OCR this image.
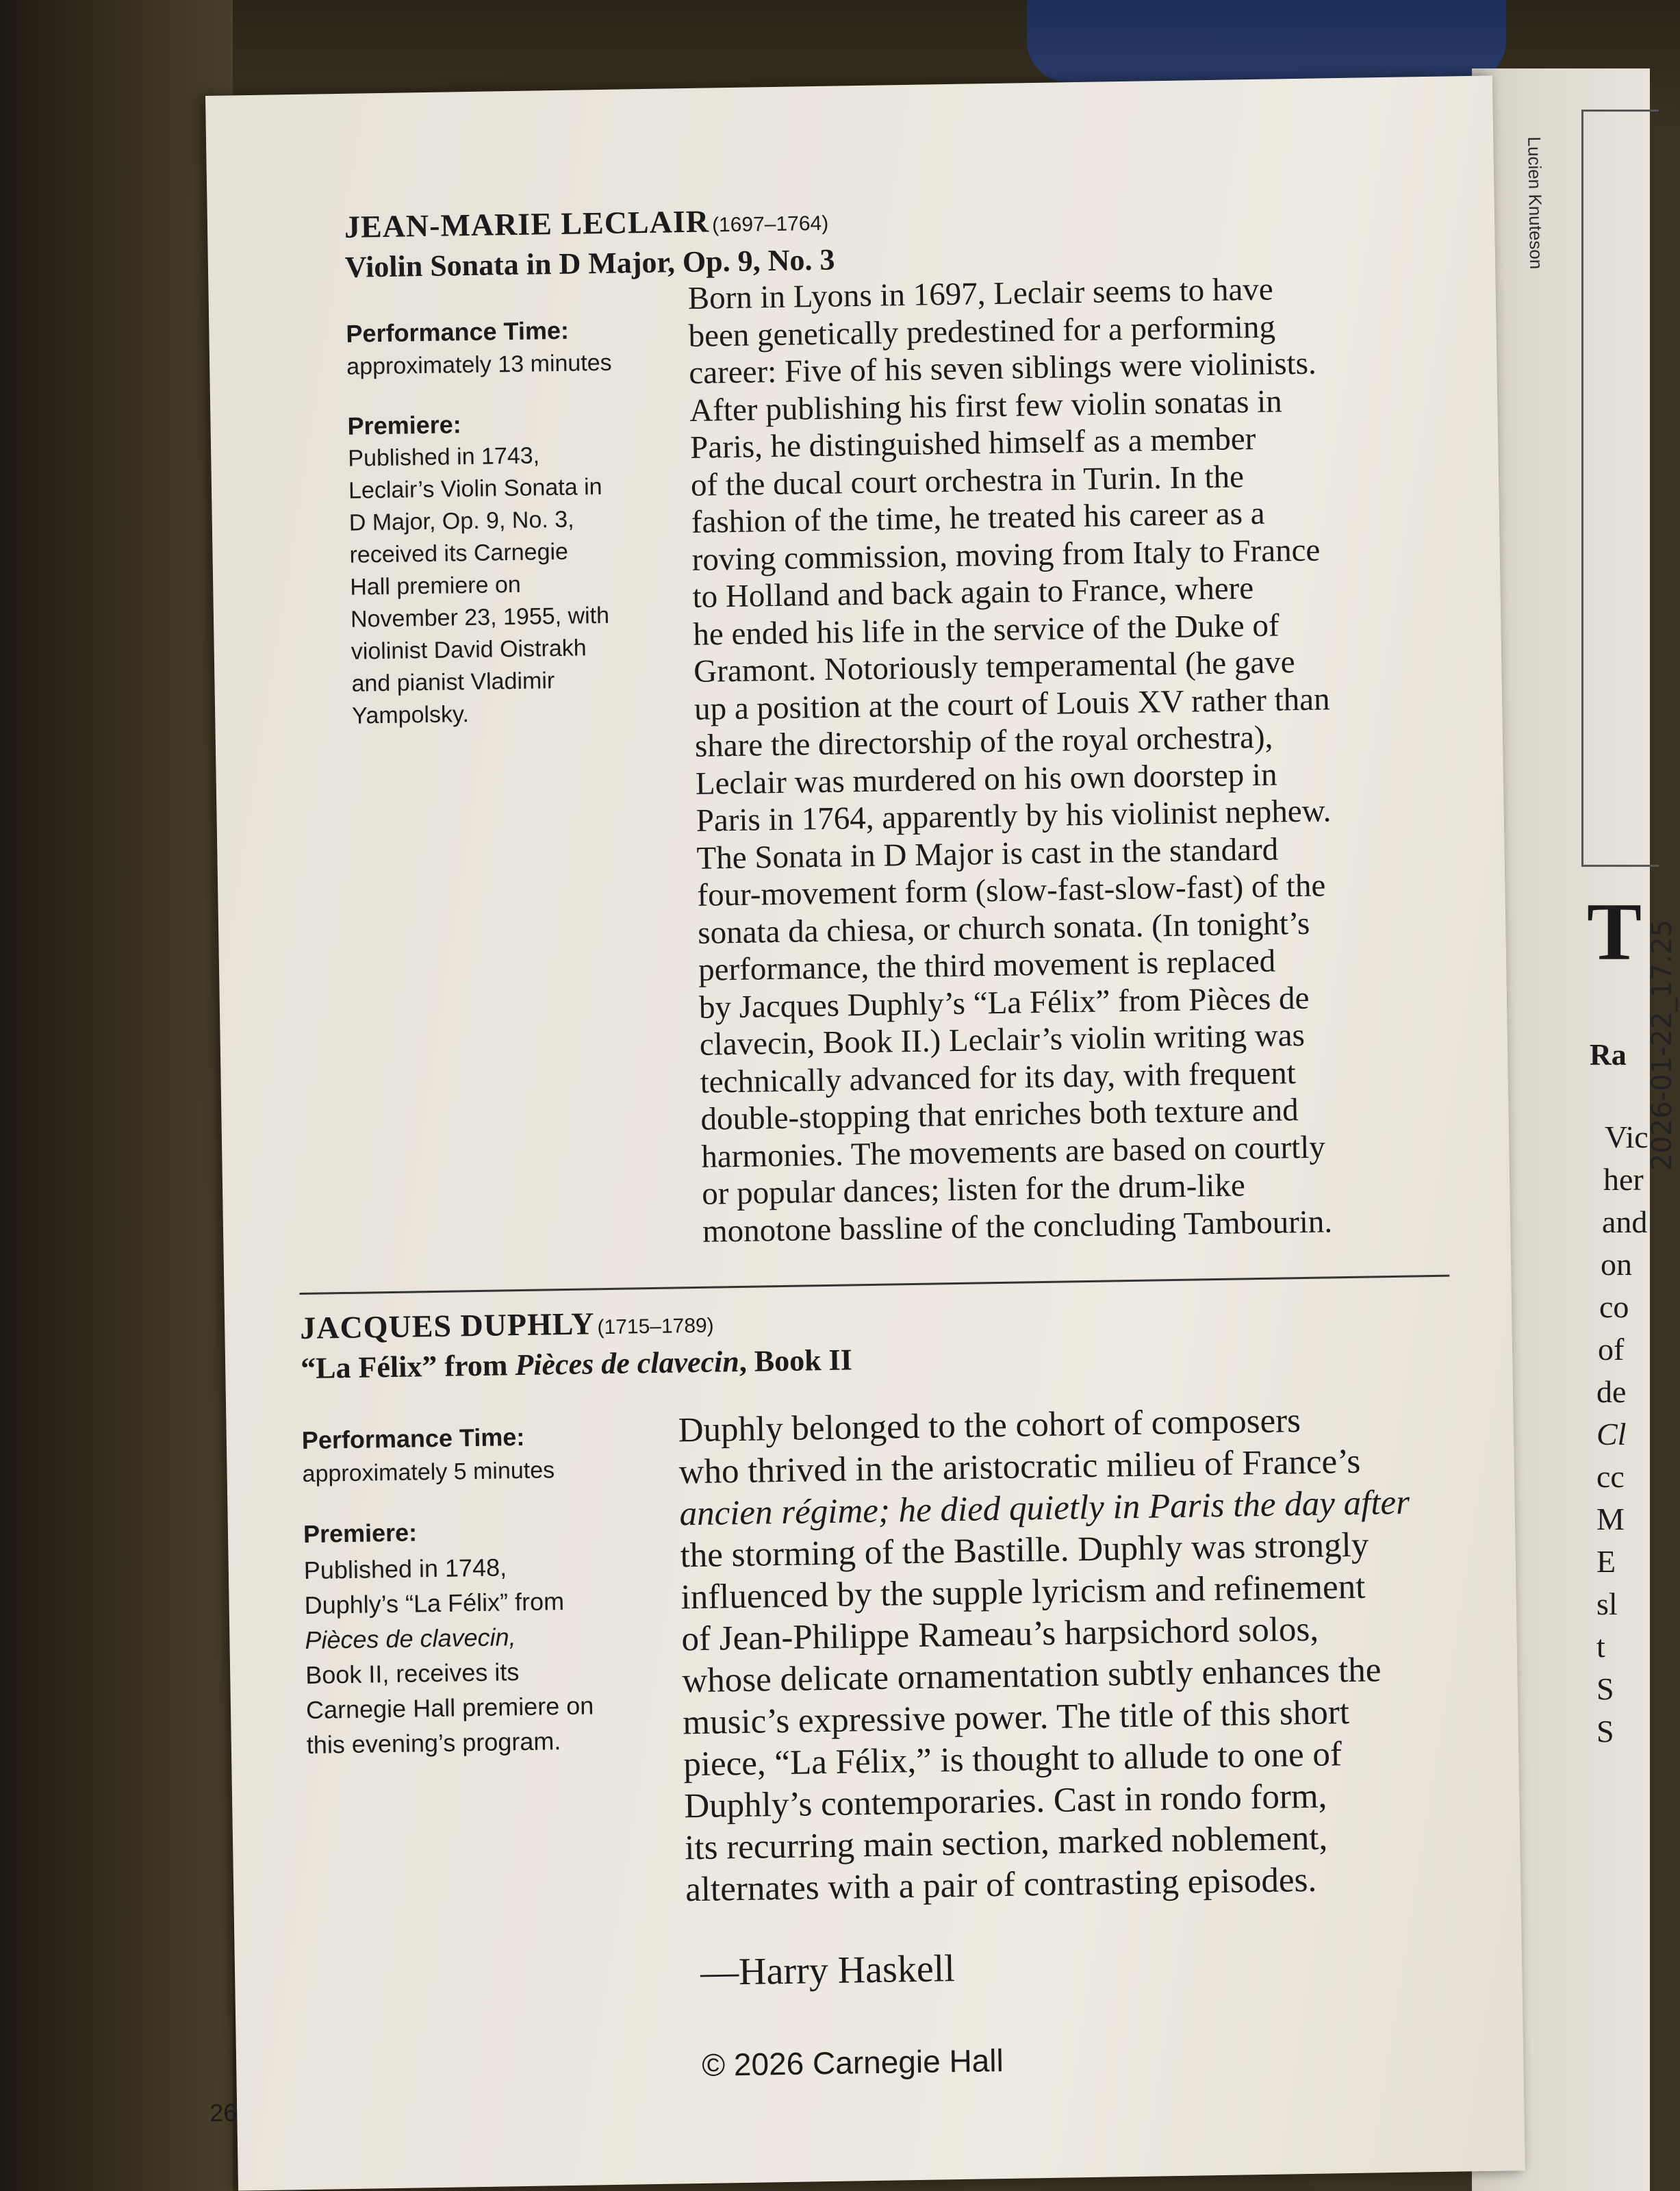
T
Ra
Vic
her
and
on
co
of
de
Cl
cc
M
E
sl
t
S
S
JEAN-MARIE LECLAIR (1697–1764)
Violin Sonata in D Major, Op. 9, No. 3
Performance Time:
approximately 13 minutes
Premiere:
Published in 1743,
Leclair’s Violin Sonata in
D Major, Op. 9, No. 3,
received its Carnegie
Hall premiere on
November 23, 1955, with
violinist David Oistrakh
and pianist Vladimir
Yampolsky.
Born in Lyons in 1697, Leclair seems to have
been genetically predestined for a performing
career: Five of his seven siblings were violinists.
After publishing his first few violin sonatas in
Paris, he distinguished himself as a member
of the ducal court orchestra in Turin. In the
fashion of the time, he treated his career as a
roving commission, moving from Italy to France
to Holland and back again to France, where
he ended his life in the service of the Duke of
Gramont. Notoriously temperamental (he gave
up a position at the court of Louis XV rather than
share the directorship of the royal orchestra),
Leclair was murdered on his own doorstep in
Paris in 1764, apparently by his violinist nephew.
The Sonata in D Major is cast in the standard
four-movement form (slow-fast-slow-fast) of the
sonata da chiesa, or church sonata. (In tonight’s
performance, the third movement is replaced
by Jacques Duphly’s “La Félix” from Pièces de
clavecin, Book II.) Leclair’s violin writing was
technically advanced for its day, with frequent
double-stopping that enriches both texture and
harmonies. The movements are based on courtly
or popular dances; listen for the drum-like
monotone bassline of the concluding Tambourin.
JACQUES DUPHLY (1715–1789)
“La Félix” from Pièces de clavecin, Book II
Performance Time:
approximately 5 minutes
Premiere:
Published in 1748,
Duphly’s “La Félix” from
Pièces de clavecin,
Book II, receives its
Carnegie Hall premiere on
this evening’s program.
Duphly belonged to the cohort of composers
who thrived in the aristocratic milieu of France’s
ancien régime; he died quietly in Paris the day after
the storming of the Bastille. Duphly was strongly
influenced by the supple lyricism and refinement
of Jean-Philippe Rameau’s harpsichord solos,
whose delicate ornamentation subtly enhances the
music’s expressive power. The title of this short
piece, “La Félix,” is thought to allude to one of
Duphly’s contemporaries. Cast in rondo form,
its recurring main section, marked noblement,
alternates with a pair of contrasting episodes.
—Harry Haskell
© 2026 Carnegie Hall
26
Lucien Knuteson
2026-01-22_17.25
